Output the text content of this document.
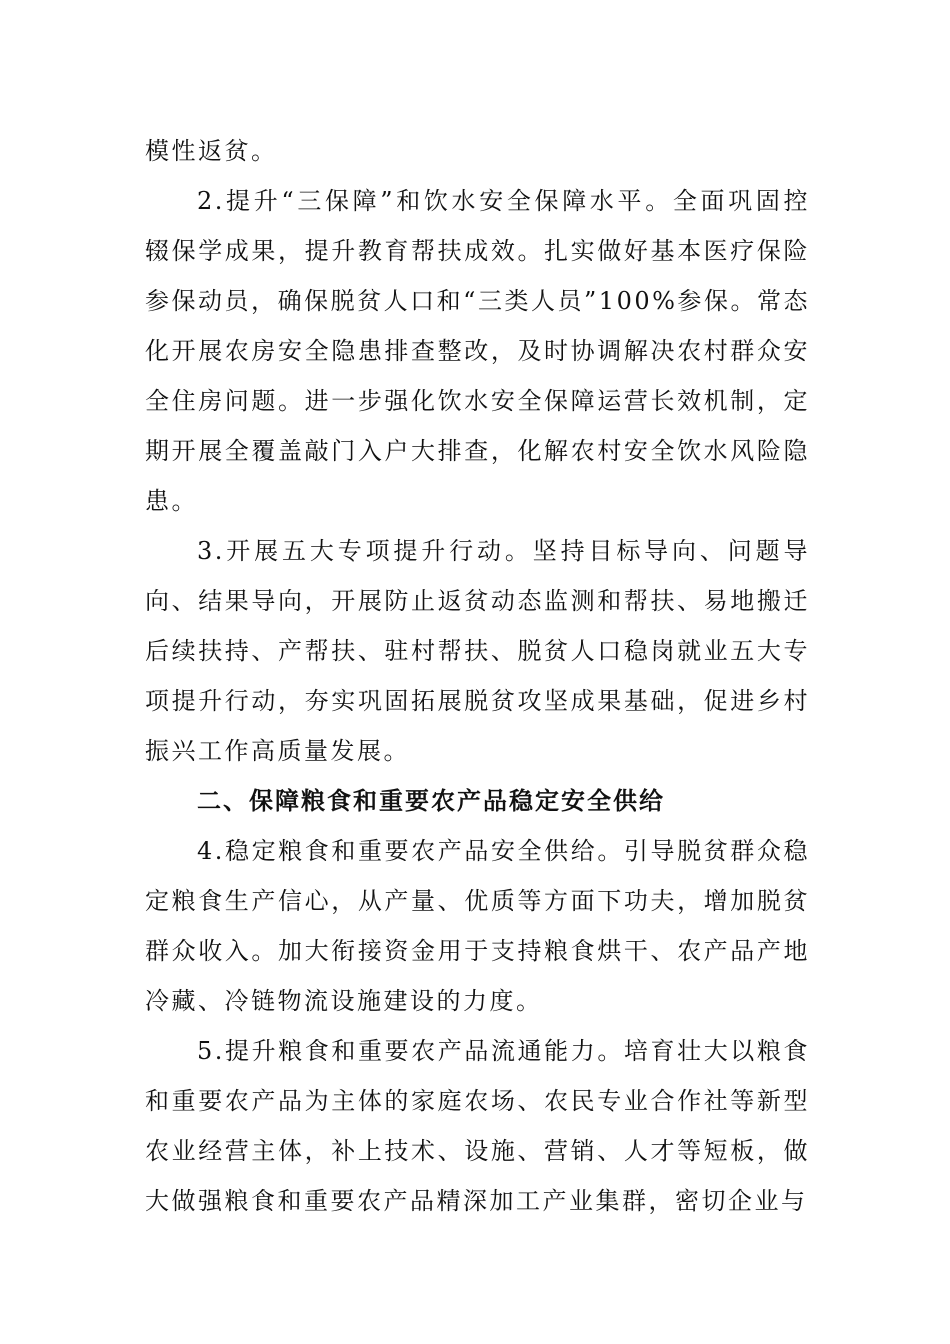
模性返贫。

2.提升“三保障”和饮水安全保障水平。全面巩固控辍保学成果，提升教育帮扶成效。扎实做好基本医疗保险参保动员，确保脱贫人口和“三类人员”100%参保。常态化开展农房安全隐患排查整改，及时协调解决农村群众安全住房问题。进一步强化饮水安全保障运营长效机制，定期开展全覆盖敲门入户大排查，化解农村安全饮水风险隐患。

3.开展五大专项提升行动。坚持目标导向、问题导向、结果导向，开展防止返贫动态监测和帮扶、易地搬迁后续扶持、产帮扶、驻村帮扶、脱贫人口稳岗就业五大专项提升行动，夯实巩固拓展脱贫攻坚成果基础，促进乡村振兴工作高质量发展。

二、保障粮食和重要农产品稳定安全供给

4.稳定粮食和重要农产品安全供给。引导脱贫群众稳定粮食生产信心，从产量、优质等方面下功夫，增加脱贫群众收入。加大衔接资金用于支持粮食烘干、农产品产地冷藏、冷链物流设施建设的力度。

5.提升粮食和重要农产品流通能力。培育壮大以粮食和重要农产品为主体的家庭农场、农民专业合作社等新型农业经营主体，补上技术、设施、营销、人才等短板，做大做强粮食和重要农产品精深加工产业集群，密切企业与
